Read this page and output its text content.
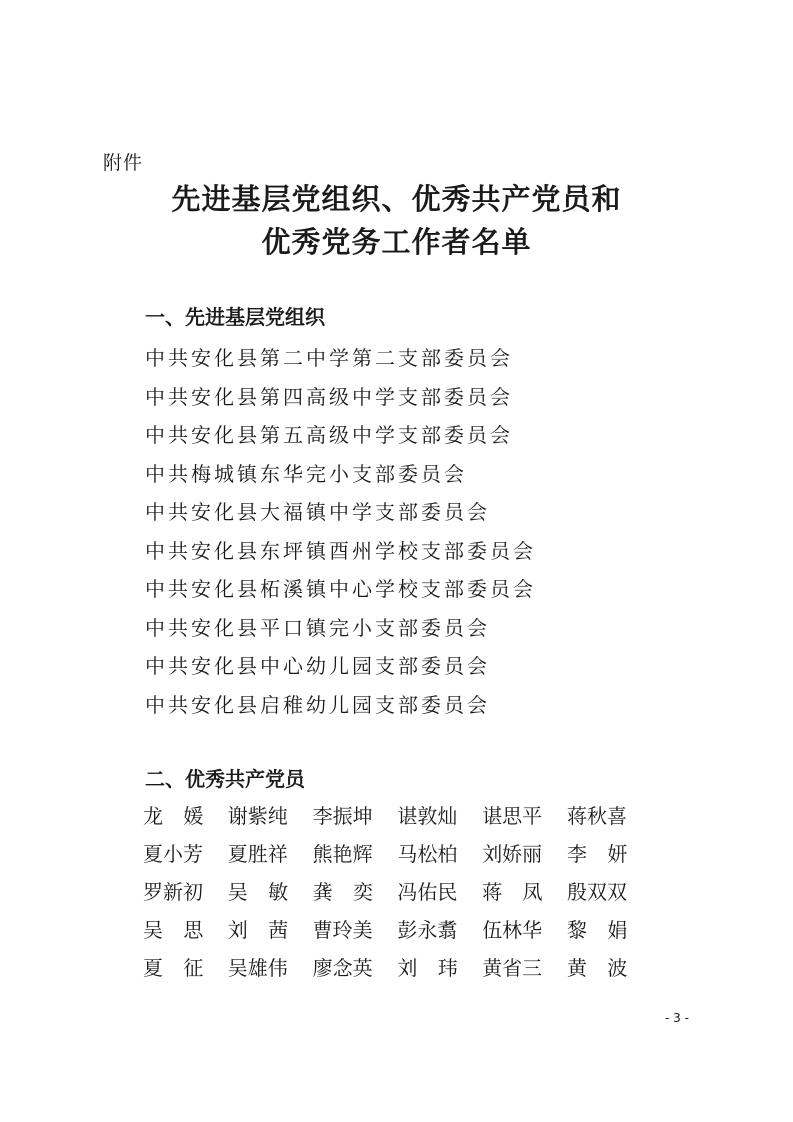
附件

先进基层党组织、优秀共产党员和
优秀党务工作者名单
一、先进基层党组织
中共安化县第二中学第二支部委员会
中共安化县第四高级中学支部委员会
中共安化县第五高级中学支部委员会
中共梅城镇东华完小支部委员会
中共安化县大福镇中学支部委员会
中共安化县东坪镇酉州学校支部委员会
中共安化县柘溪镇中心学校支部委员会
中共安化县平口镇完小支部委员会
中共安化县中心幼儿园支部委员会
中共安化县启稚幼儿园支部委员会
二、优秀共产党员
龙 媛	谢紫纯	李振坤	谌敦灿	谌思平	蒋秋喜
夏小芳	夏胜祥	熊艳辉	马松柏	刘娇丽	李 妍
罗新初	吴 敏	龚 奕	冯佑民	蒋 凤	殷双双
吴 思	刘 茜	曹玲美	彭永翥	伍林华	黎 娟
夏 征	吴雄伟	廖念英	刘 玮	黄省三	黄 波

- 3 -
